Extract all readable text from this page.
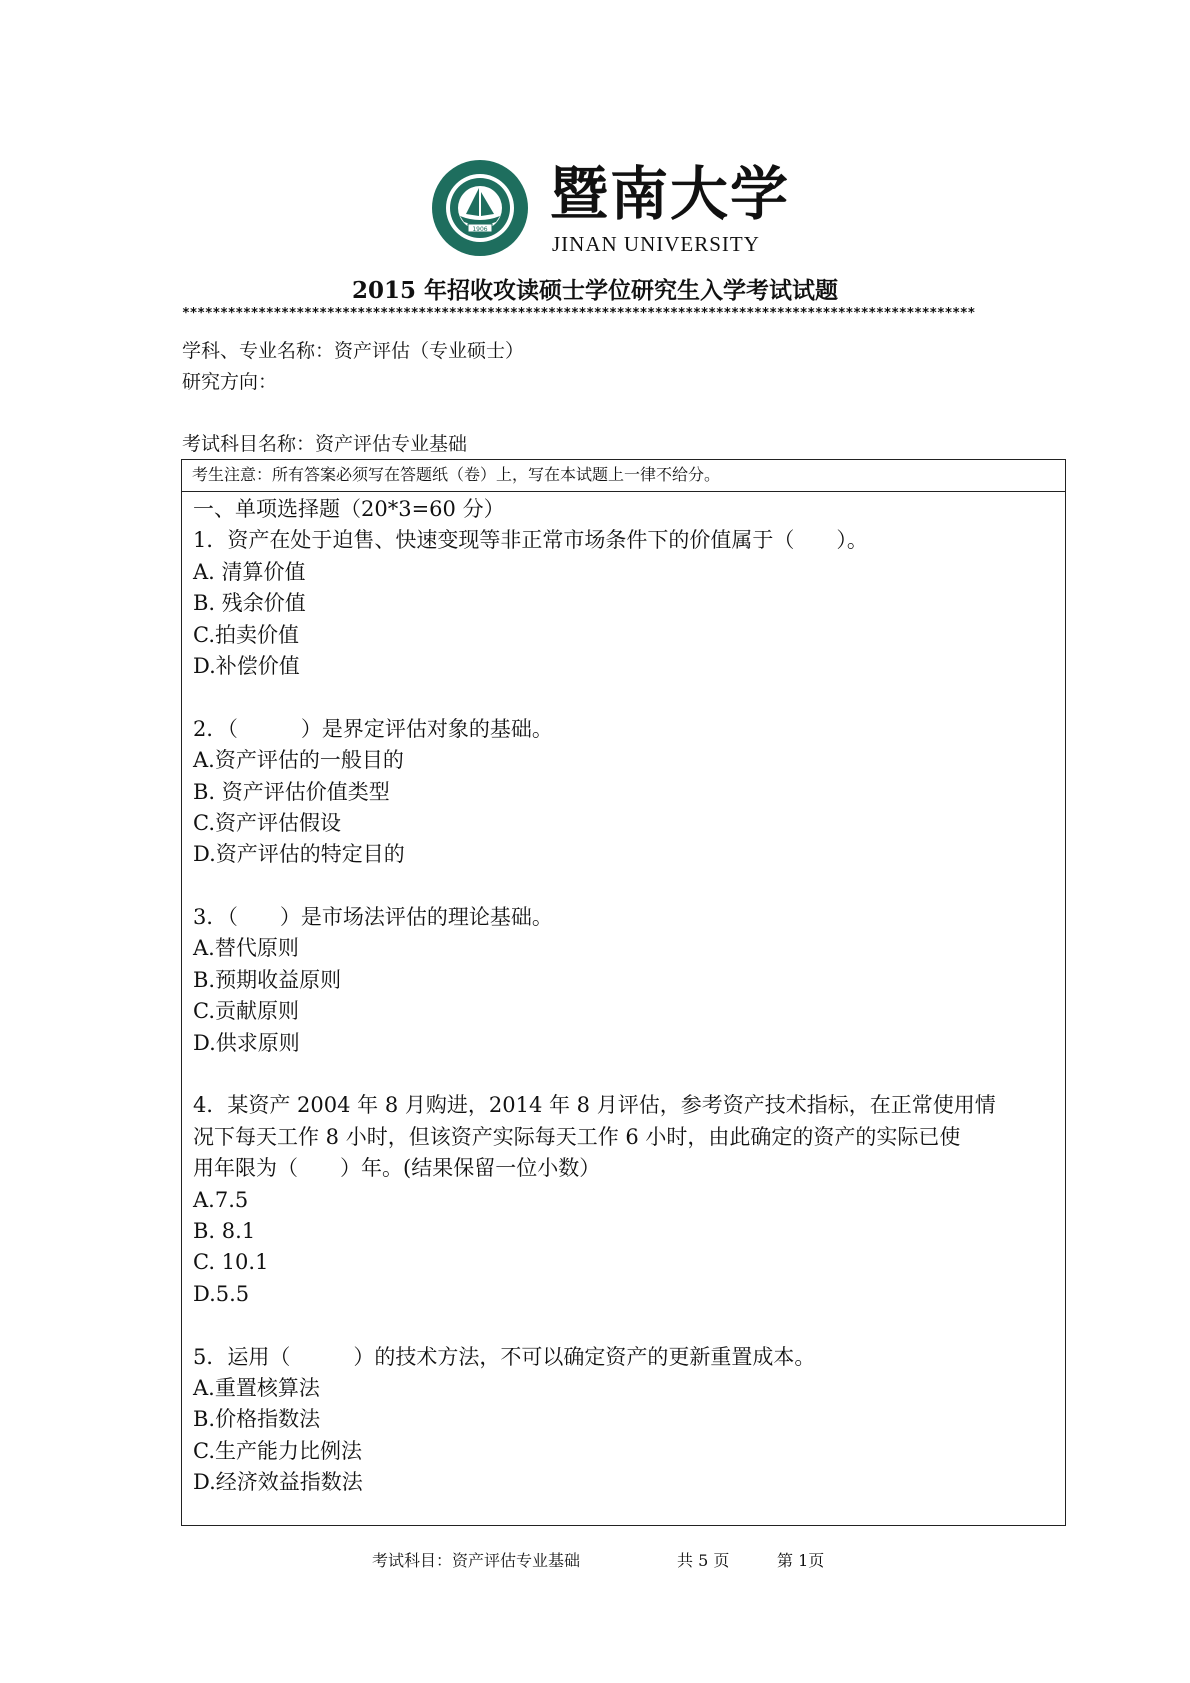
1906
暨南大学
JINAN UNIVERSITY
2015 年招收攻读硕士学位研究生入学考试试题
********************************************************************************************************
学科、专业名称：资产评估（专业硕士）
研究方向：
考试科目名称：资产评估专业基础
考生注意：所有答案必须写在答题纸（卷）上，写在本试题上一律不给分。
一、单项选择题（20*3=60 分）
1．资产在处于迫售、快速变现等非正常市场条件下的价值属于（　　）。
A. 清算价值
B. 残余价值
C.拍卖价值
D.补偿价值
2．（　　　）是界定评估对象的基础。
A.资产评估的一般目的
B. 资产评估价值类型
C.资产评估假设
D.资产评估的特定目的
3．（　　）是市场法评估的理论基础。
A.替代原则
B.预期收益原则
C.贡献原则
D.供求原则
4．某资产 2004 年 8 月购进，2014 年 8 月评估，参考资产技术指标，在正常使用情
况下每天工作 8 小时，但该资产实际每天工作 6 小时，由此确定的资产的实际已使
用年限为（　　）年。(结果保留一位小数）
A.7.5
B. 8.1
C. 10.1
D.5.5
5．运用（　　　）的技术方法，不可以确定资产的更新重置成本。
A.重置核算法
B.价格指数法
C.生产能力比例法
D.经济效益指数法
考试科目：资产评估专业基础	共 5 页	第 1页
